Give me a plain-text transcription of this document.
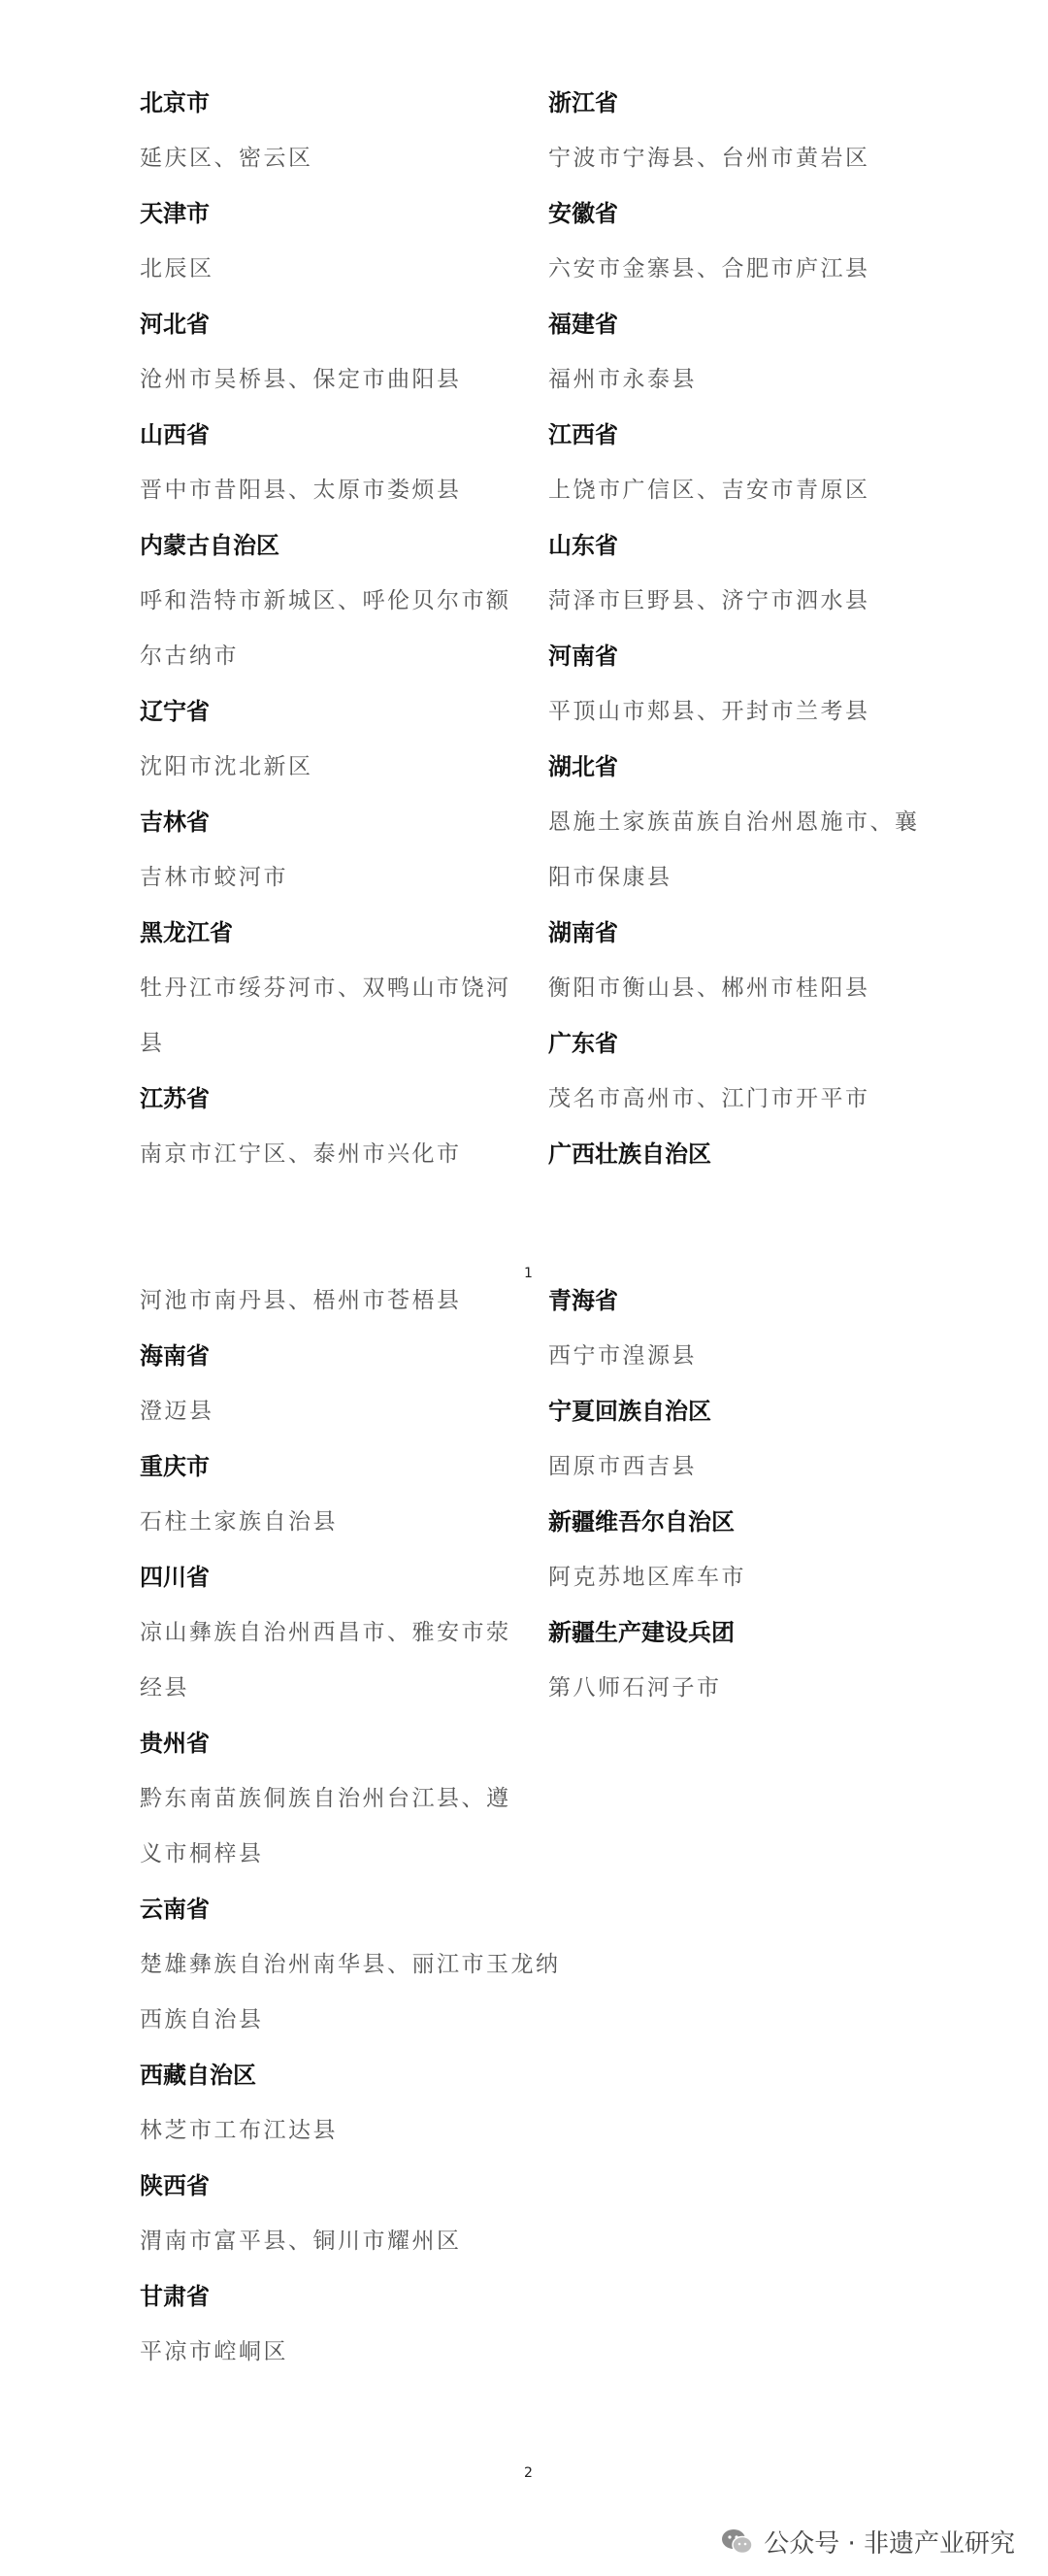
北京市
延庆区、密云区
天津市
北辰区
河北省
沧州市吴桥县、保定市曲阳县
山西省
晋中市昔阳县、太原市娄烦县
内蒙古自治区
呼和浩特市新城区、呼伦贝尔市额
尔古纳市
辽宁省
沈阳市沈北新区
吉林省
吉林市蛟河市
黑龙江省
牡丹江市绥芬河市、双鸭山市饶河
县
江苏省
南京市江宁区、泰州市兴化市
浙江省
宁波市宁海县、台州市黄岩区
安徽省
六安市金寨县、合肥市庐江县
福建省
福州市永泰县
江西省
上饶市广信区、吉安市青原区
山东省
菏泽市巨野县、济宁市泗水县
河南省
平顶山市郏县、开封市兰考县
湖北省
恩施土家族苗族自治州恩施市、襄
阳市保康县
湖南省
衡阳市衡山县、郴州市桂阳县
广东省
茂名市高州市、江门市开平市
广西壮族自治区
1
河池市南丹县、梧州市苍梧县
海南省
澄迈县
重庆市
石柱土家族自治县
四川省
凉山彝族自治州西昌市、雅安市荥
经县
贵州省
黔东南苗族侗族自治州台江县、遵
义市桐梓县
云南省
楚雄彝族自治州南华县、丽江市玉龙纳
西族自治县
西藏自治区
林芝市工布江达县
陕西省
渭南市富平县、铜川市耀州区
甘肃省
平凉市崆峒区
青海省
西宁市湟源县
宁夏回族自治区
固原市西吉县
新疆维吾尔自治区
阿克苏地区库车市
新疆生产建设兵团
第八师石河子市
2
公众号 · 非遗产业研究
